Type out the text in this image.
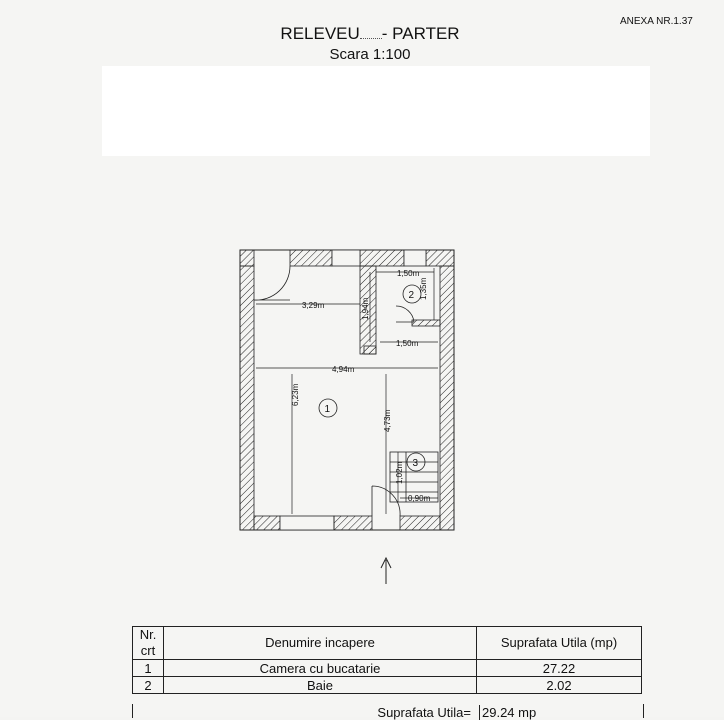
ANEXA NR.1.37
RELEVEU - PARTER
Scara 1:100
1,50m
1,35m
3,29m	1,94m
1,50m
4,94m
6,23m
4,73m
1,02m
0,90m
1
2
3
Nr. crt	Denumire incapere	Suprafata Utila (mp)
1	Camera cu bucatarie	27.22
2	Baie	2.02
Suprafata Utila= 29.24 mp
